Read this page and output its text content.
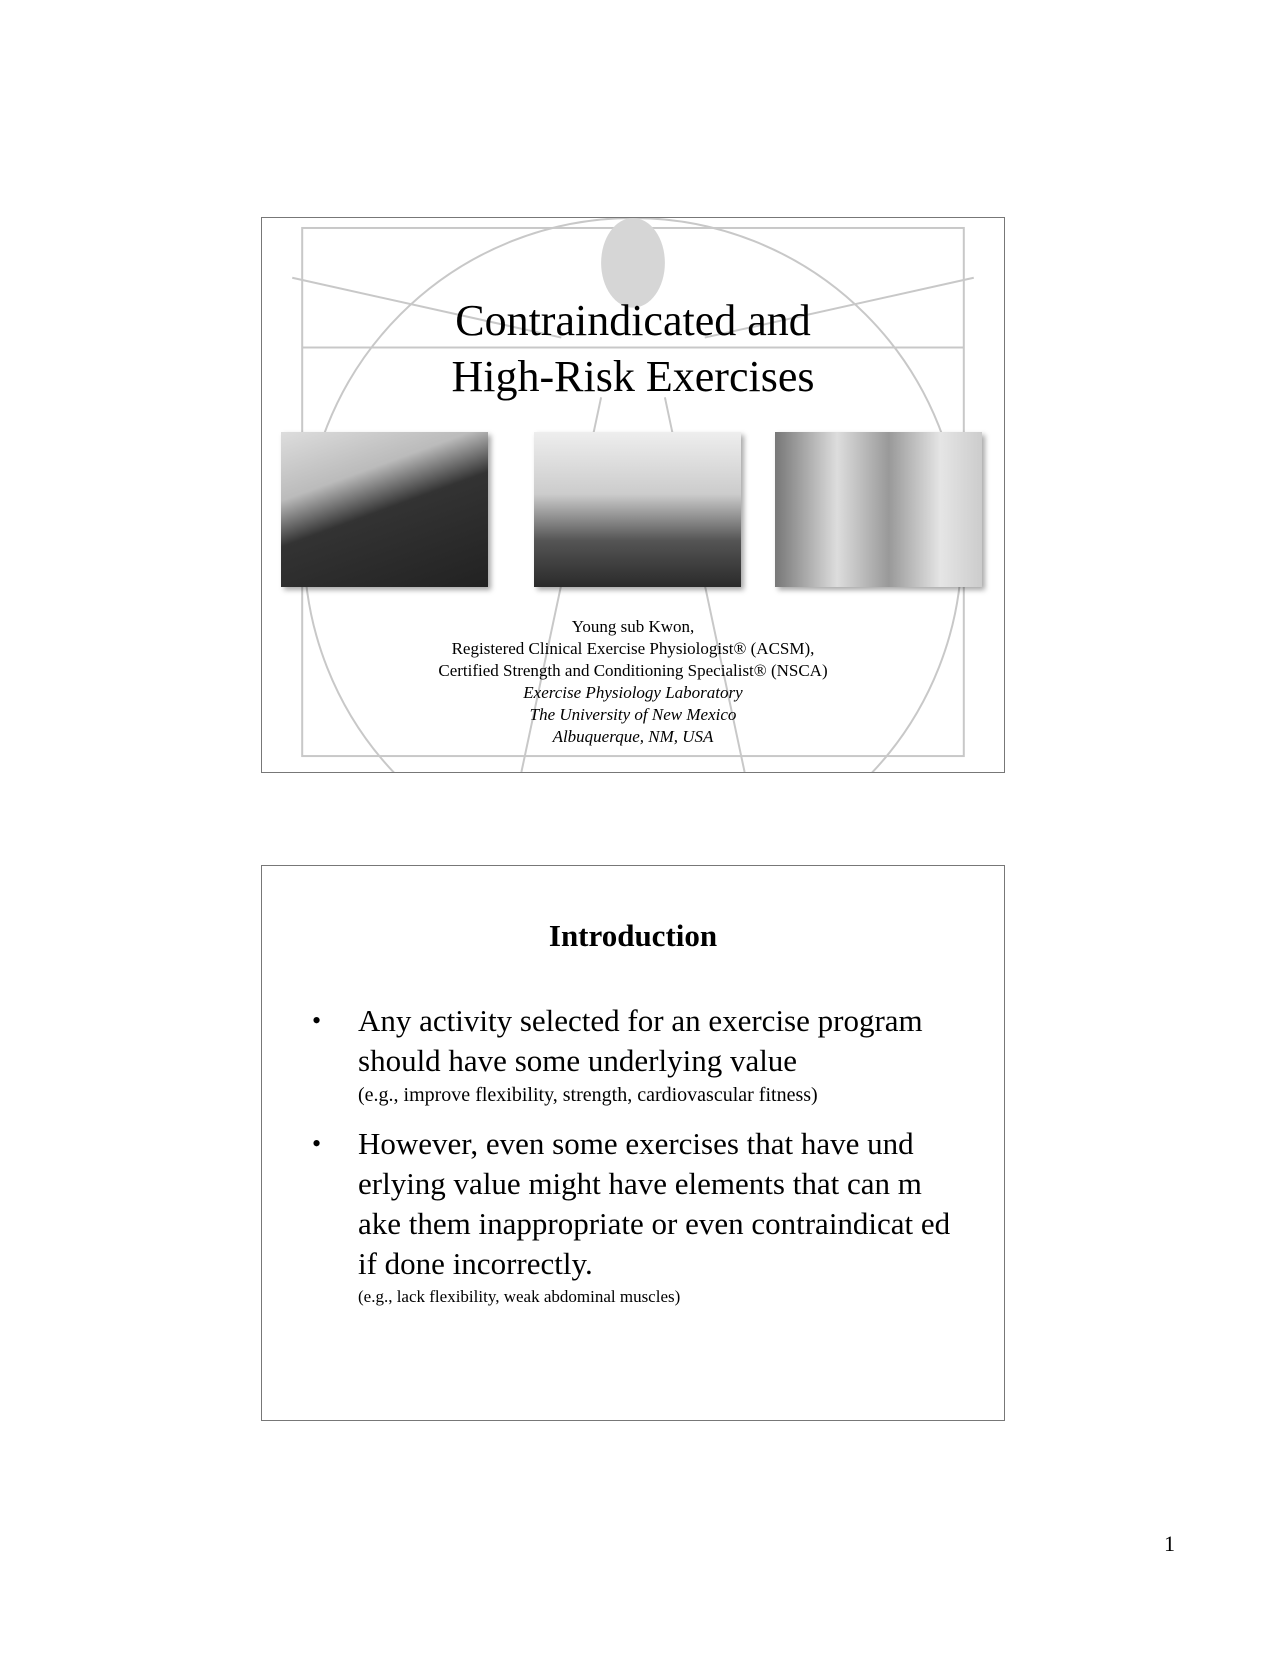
Contraindicated and
High-Risk Exercises
Young sub Kwon,
Registered Clinical Exercise Physiologist® (ACSM),
Certified Strength and Conditioning Specialist® (NSCA)
Exercise Physiology Laboratory
The University of New Mexico
Albuquerque, NM, USA
Introduction
• Any activity selected for an exercise program should have some underlying value
(e.g., improve flexibility, strength, cardiovascular fitness)
• However, even some exercises that have und erlying value might have elements that can m ake them inappropriate or even contraindicat ed if done incorrectly.
(e.g., lack flexibility, weak abdominal muscles)
1
